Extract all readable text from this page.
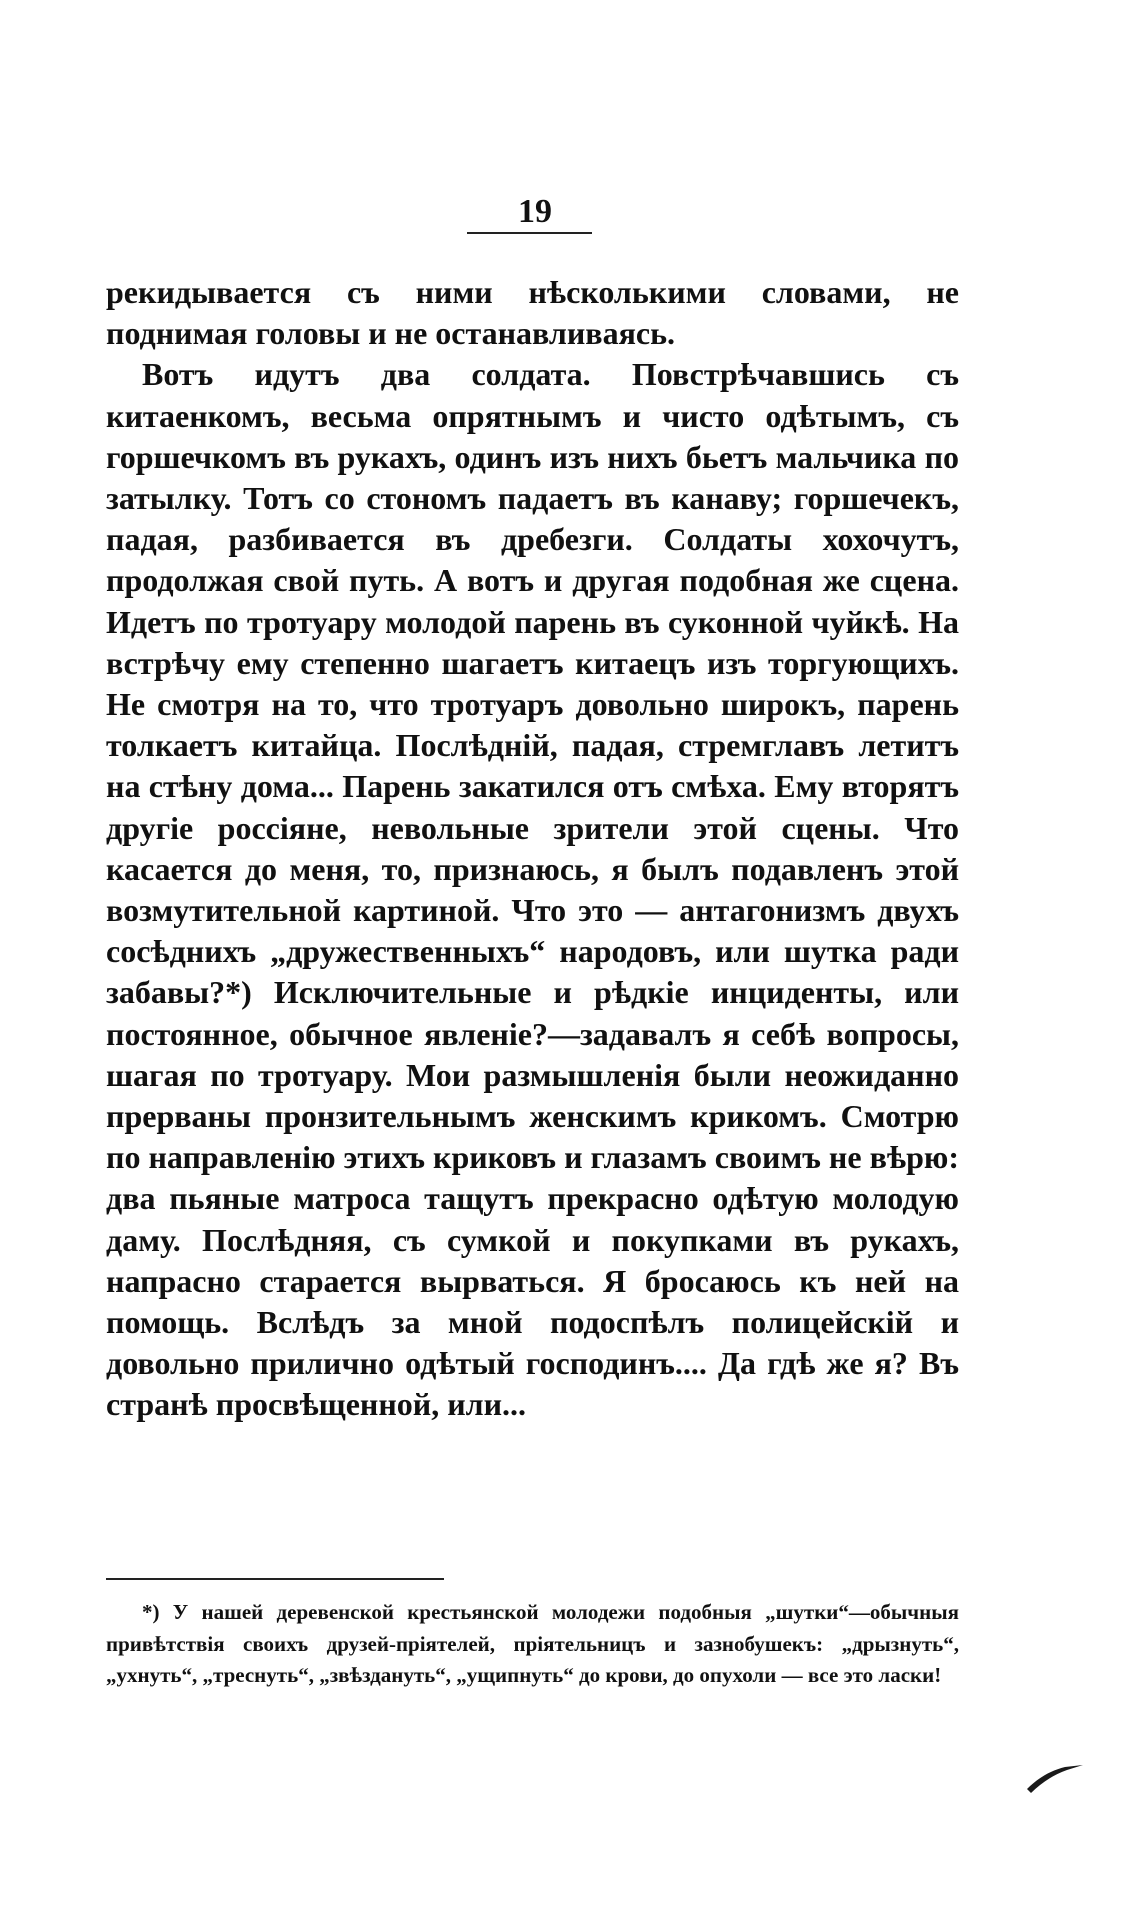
19

рекидывается съ ними нѣсколькими словами, не поднимая головы и не останавливаясь.

Вотъ идутъ два солдата. Повстрѣчавшись съ китаенкомъ, весьма опрятнымъ и чисто одѣтымъ, съ горшечкомъ въ рукахъ, одинъ изъ нихъ бьетъ мальчика по затылку. Тотъ со стономъ падаетъ въ канаву; горшечекъ, падая, разбивается въ дребезги. Солдаты хохочутъ, продолжая свой путь. А вотъ и другая подобная же сцена. Идетъ по тротуару молодой парень въ суконной чуйкѣ. На встрѣчу ему степенно шагаетъ китаецъ изъ торгующихъ. Не смотря на то, что тротуаръ довольно широкъ, парень толкаетъ китайца. Послѣдній, падая, стремглавъ летитъ на стѣну дома... Парень закатился отъ смѣха. Ему вторятъ другіе россіяне, невольные зрители этой сцены. Что касается до меня, то, признаюсь, я былъ подавленъ этой возмутительной картиной. Что это — антагонизмъ двухъ сосѣднихъ „дружественныхъ“ народовъ, или шутка ради забавы?*) Исключительные и рѣдкіе инциденты, или постоянное, обычное явленіе?—задавалъ я себѣ вопросы, шагая по тротуару. Мои размышленія были неожиданно прерваны пронзительнымъ женскимъ крикомъ. Смотрю по направленію этихъ криковъ и глазамъ своимъ не вѣрю: два пьяные матроса тащутъ прекрасно одѣтую молодую даму. Послѣдняя, съ сумкой и покупками въ рукахъ, напрасно старается вырваться. Я бросаюсь къ ней на помощь. Вслѣдъ за мной подоспѣлъ полицейскій и довольно прилично одѣтый господинъ.... Да гдѣ же я? Въ странѣ просвѣщенной, или...

*) У нашей деревенской крестьянской молодежи подобныя „шутки“—обычныя привѣтствія своихъ друзей-пріятелей, пріятельницъ и зазнобушекъ: „дрызнуть“, „ухнуть“, „треснуть“, „звѣздануть“, „ущипнуть“ до крови, до опухоли — все это ласки!
